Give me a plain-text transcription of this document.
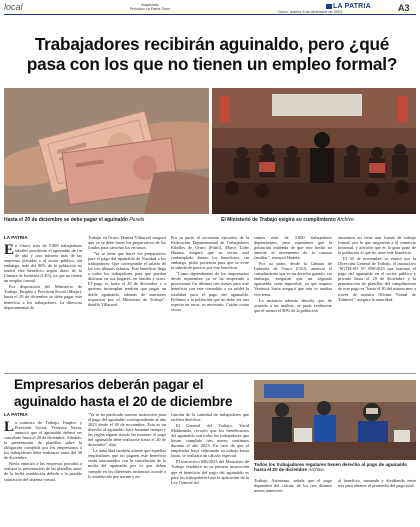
local	Auspiciado
Periódico La Patria Oruro	LA PATRIA
Oruro, martes 5 de diciembre de 2023	A3
Trabajadores recibirán aguinaldo, pero ¿qué
pasa con los que no tienen un empleo formal?
Hasta el 20 de diciembre se debe pagar el aguinaldo Pexels	El Ministerio de Trabajo exigirá su cumplimiento Archivo
LA PATRIA
E n Oruro, más de 3.000 trabajadores fabriles percibirán el aguinaldo de fin de año y otro número más de las empresas privadas y el sector público, sin embargo, más del 80% de la población no tendrá este beneficio según datos de la Cámara de Industria (CIO), ya que no tienen un empleo formal.

Por disposición del Ministerio de Trabajo, Empleo y Previsión Social (Mteps), hasta el 20 de diciembre se debe pagar este beneficio a los trabajadores. La directora departamental de

Trabajo en Oruro, Daniza Villarroel aseguró que ya se debe hacer los preparativos de los fondos para cancelar los recursos.

"Ya se tiene que hacer los preparativos para el pago del aguinaldo de Navidad a los trabajadores. Que corresponde el salario de los tres últimos salarios. Este beneficio llega a todos los trabajadores para que puedan disfrutar en sus hogares, en familia y otros. El pago es hasta el 20 de diciembre y a quienes incumplan tendrán que pagar un doble aguinaldo, además de sanciones impuestas por el Ministerio de Trabajo", detalló Villarroel.

Por su parte, el secretario ejecutivo de la Federación Departamental de Trabajadores Fabriles de Oruro (Fdtfo), Marco Líder Huanta, aseguró que su sector está contemplado dentro los beneficios, sin embargo, pidió paciencia para que se evite la subida de precios por este beneficio.

"Como dependientes de los empresarios desde septiembre ya se ha empezado a provisionar los últimos tres meses para este beneficio con este comedido y ya saldrá la totalidad para el pago del aguinaldo. Pedimos a la población que no debe ser una especie en otros, es necesario. Cuidar como sector

somos más de 3.000 trabajadores dependientes, pero esperamos que la población entienda de que este hecho no amerite el incremento de la canasta familiar", remarcó Huanta.

Por su parte, desde la Cámara de Industria de Oruro (CIO), anunció el cumplimiento que es un derecho ganado, sin embargo, aseguran que un segundo aguinaldo, sería imposible, ya que impuso Verónica Suria aseguró que aún se analiza este tema.

La instancia además desvela que, de acuerdo a un análisis, se pudo evidenciar que el menos el 80% de la población

encuentra no tiene una fuente de trabajo formal, por lo que migrarían a el comercio informal, y advirtió que es la gran parte de la población al que no tiene este beneficio.

El 30 de noviembre se emitió por la Dirección General de Trabajo, el instructivo "SGTH-SO N° 096/2023 que instruye el pago del aguinaldo en el sector público y privado hasta el 20 de diciembre y la presentación de planillas del cumplimiento de este pago es "hasta el 30 del mismo mes a través de nuestra Oficina Virtual de Trámites", asegura la autoridad.

Empresarios deberán pagar el
aguinaldo hasta el 20 de diciembre
Todos los trabajadores regulares tienen derecho al pago de aguinaldo hasta el 20 de diciembre Archivo
LA PATRIA
L a ministra de Trabajo, Empleo y Previsión Social, Verónica Navia, anunció que el aguinaldo deberá ser cancelado hasta el 20 de diciembre. Además, la presentación de planillas sobre la obligación cumplida por los empresarios a los trabajadores debe realizarse antes del 30 de diciembre.

Navia enfatizó a las empresas privadas a realizar la presentación de las planillas antes de la fecha establecida debido a la posible saturación del sistema virtual.

"Ya se ha publicado nuestro instructivo para el pago del aguinaldo correspondiente al año 2023 desde el 30 de noviembre. Esta es un derecho al aguinaldo hace bastante tiempo y las reglas siguen siendo las mismas: el pago del aguinaldo debe realizarse hasta el 20 de diciembre", dijo.

La autoridad también afirmó que aquellos empleadores que no paguen este beneficio serán sancionados con la cancelación de la multa del aguinaldo por lo que deben cumplir en las diferentes instancias acorde a lo establecido por norma y en

función de la cantidad de trabajadores que reciben derechos.

El General del Trabajo, Yacid Maldonado, recordó que los beneficiarios del aguinaldo son todos los trabajadores que hayan cumplido tres meses continuos durante el año 2023. En caso de que el empleador haya culminado su trabajo hasta junio, se realizará un cálculo especial.

El instructivo 096/2023 del Ministerio de Trabajo establece en su primera instrucción que el beneficio del pago del aguinaldo es para los trabajadores bajo la aplicación de la Ley General del	Trabajo. Asimismo, señala que el pago dependerá del cálculo de los tres últimos meses anteriores

al beneficio, sumando y dividiendo entre tres para obtener el promedio del pago total.
